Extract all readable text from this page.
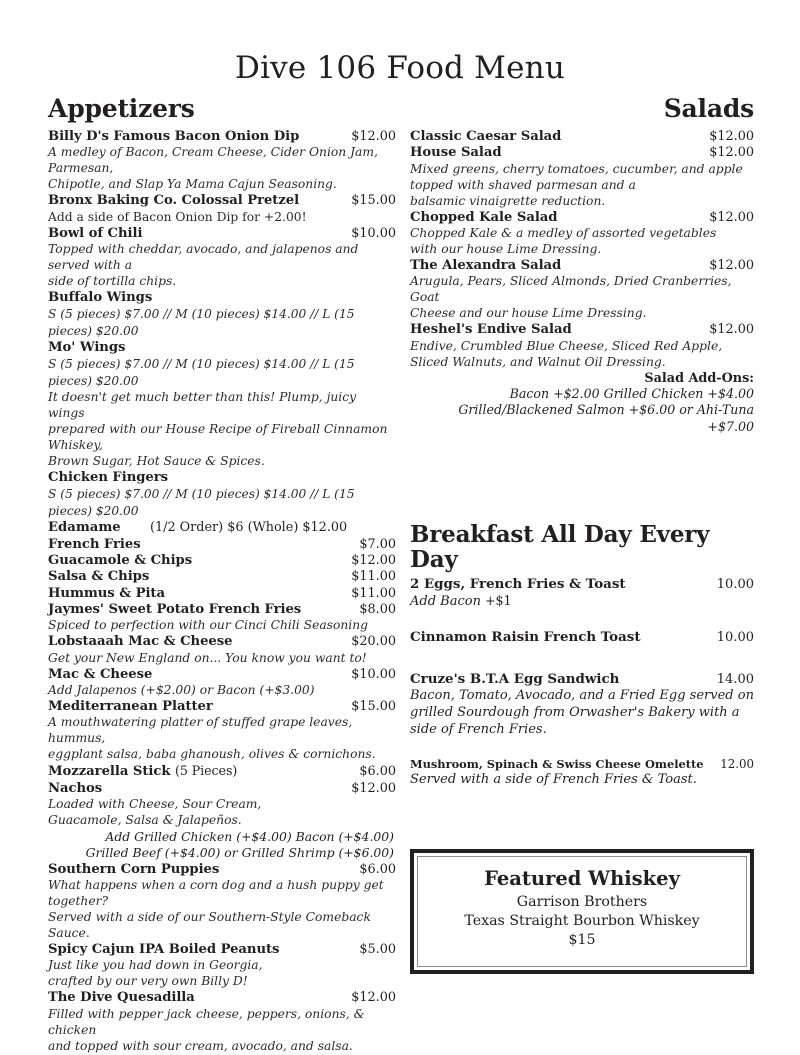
Dive 106 Food Menu
Appetizers
Billy D's Famous Bacon Onion Dip	$12.00

A medley of Bacon, Cream Cheese, Cider Onion Jam, Parmesan,

Chipotle, and Slap Ya Mama Cajun Seasoning.

Bronx Baking Co. Colossal Pretzel	$15.00

Add a side of Bacon Onion Dip for +2.00!

Bowl of Chili	$10.00

Topped with cheddar, avocado, and jalapenos and served with a

side of tortilla chips.

Buffalo Wings

S (5 pieces) $7.00 // M (10 pieces) $14.00 // L (15 pieces) $20.00

Mo' Wings

S (5 pieces) $7.00 // M (10 pieces) $14.00 // L (15 pieces) $20.00

It doesn't get much better than this! Plump, juicy wings

prepared with our House Recipe of Fireball Cinnamon Whiskey,

Brown Sugar, Hot Sauce & Spices.

Chicken Fingers

S (5 pieces) $7.00 // M (10 pieces) $14.00 // L (15 pieces) $20.00

Edamame (1/2 Order) $6 (Whole) $12.00
French Fries	$7.00
Guacamole & Chips	$12.00
Salsa & Chips	$11.00
Hummus & Pita	$11.00
Jaymes' Sweet Potato French Fries	$8.00

Spiced to perfection with our Cinci Chili Seasoning

Lobstaaah Mac & Cheese	$20.00

Get your New England on... You know you want to!

Mac & Cheese	$10.00

Add Jalapenos (+$2.00) or Bacon (+$3.00)

Mediterranean Platter	$15.00

A mouthwatering platter of stuffed grape leaves, hummus,

eggplant salsa, baba ghanoush, olives & cornichons.

Mozzarella Stick (5 Pieces)	$6.00
Nachos	$12.00

Loaded with Cheese, Sour Cream,

Guacamole, Salsa & Jalapeños.

Add Grilled Chicken (+$4.00) Bacon (+$4.00)

Grilled Beef (+$4.00) or Grilled Shrimp (+$6.00)

Southern Corn Puppies	$6.00

What happens when a corn dog and a hush puppy get together?

Served with a side of our Southern-Style Comeback Sauce.

Spicy Cajun IPA Boiled Peanuts	$5.00

Just like you had down in Georgia,

crafted by our very own Billy D!

The Dive Quesadilla	$12.00

Filled with pepper jack cheese, peppers, onions, & chicken

and topped with sour cream, avocado, and salsa.

Salads
Classic Caesar Salad	$12.00
House Salad	$12.00

Mixed greens, cherry tomatoes, cucumber, and apple

topped with shaved parmesan and a

balsamic vinaigrette reduction.

Chopped Kale Salad	$12.00

Chopped Kale & a medley of assorted vegetables

with our house Lime Dressing.

The Alexandra Salad	$12.00

Arugula, Pears, Sliced Almonds, Dried Cranberries, Goat

Cheese and our house Lime Dressing.

Heshel's Endive Salad	$12.00

Endive, Crumbled Blue Cheese, Sliced Red Apple,

Sliced Walnuts, and Walnut Oil Dressing.

Salad Add-Ons:

Bacon +$2.00 Grilled Chicken +$4.00

Grilled/Blackened Salmon +$6.00 or Ahi-Tuna +$7.00

Breakfast All Day Every Day
2 Eggs, French Fries & Toast	10.00

Add Bacon +$1

Cinnamon Raisin French Toast	10.00
Cruze's B.T.A Egg Sandwich	14.00

Bacon, Tomato, Avocado, and a Fried Egg served on

grilled Sourdough from Orwasher's Bakery with a

side of French Fries.

Mushroom, Spinach & Swiss Cheese Omelette	12.00

Served with a side of French Fries & Toast.

Featured Whiskey

Garrison Brothers

Texas Straight Bourbon Whiskey

$15
